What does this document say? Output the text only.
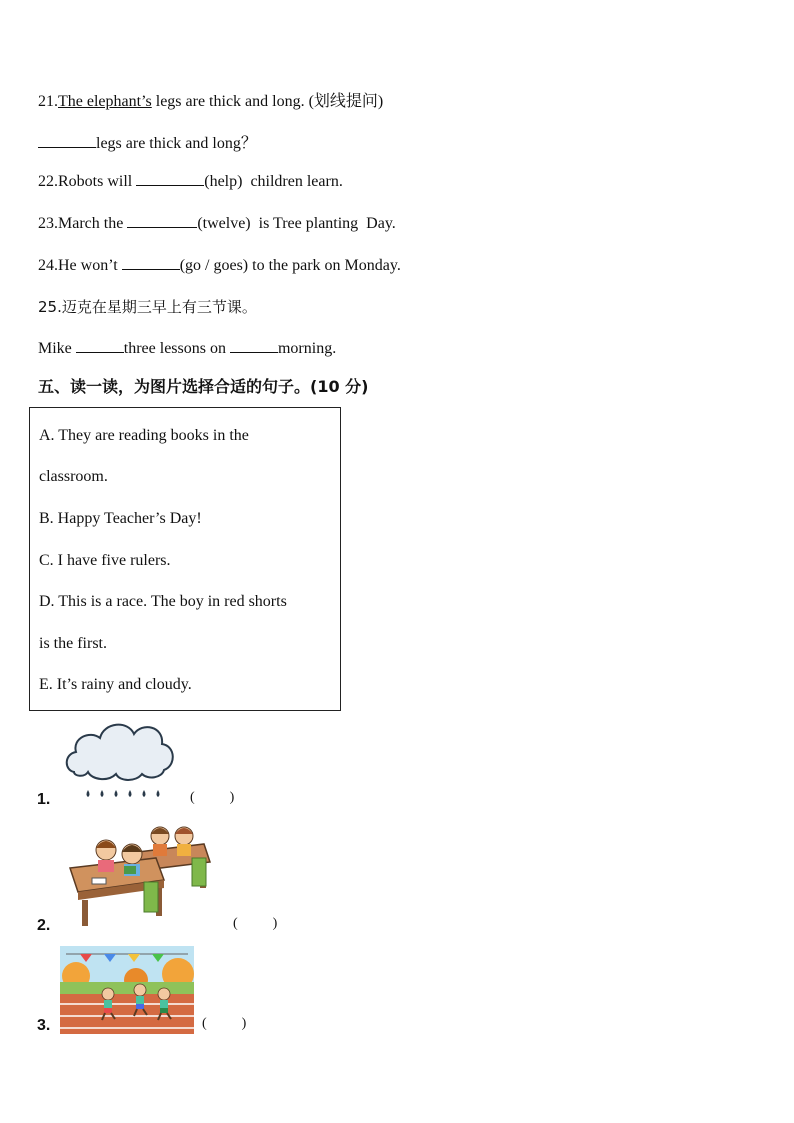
21.The elephant’s legs are thick and long. (划线提问)
legs are thick and long？
22.Robots will	(help)  children learn.
23.March the	(twelve)  is Tree planting  Day.
24.He won’t	(go / goes) to the park on Monday.
25.迈克在星期三早上有三节课。
Mike	three lessons on	morning.
五、读一读，为图片选择合适的句子。(10 分)
A. They are reading books in the
classroom.
B. Happy Teacher’s Day!
C. I have five rulers.
D. This is a race. The boy in red shorts
is the first.
E. It’s rainy and cloudy.
1.	(          )
2.	(          )
3.	(          )
